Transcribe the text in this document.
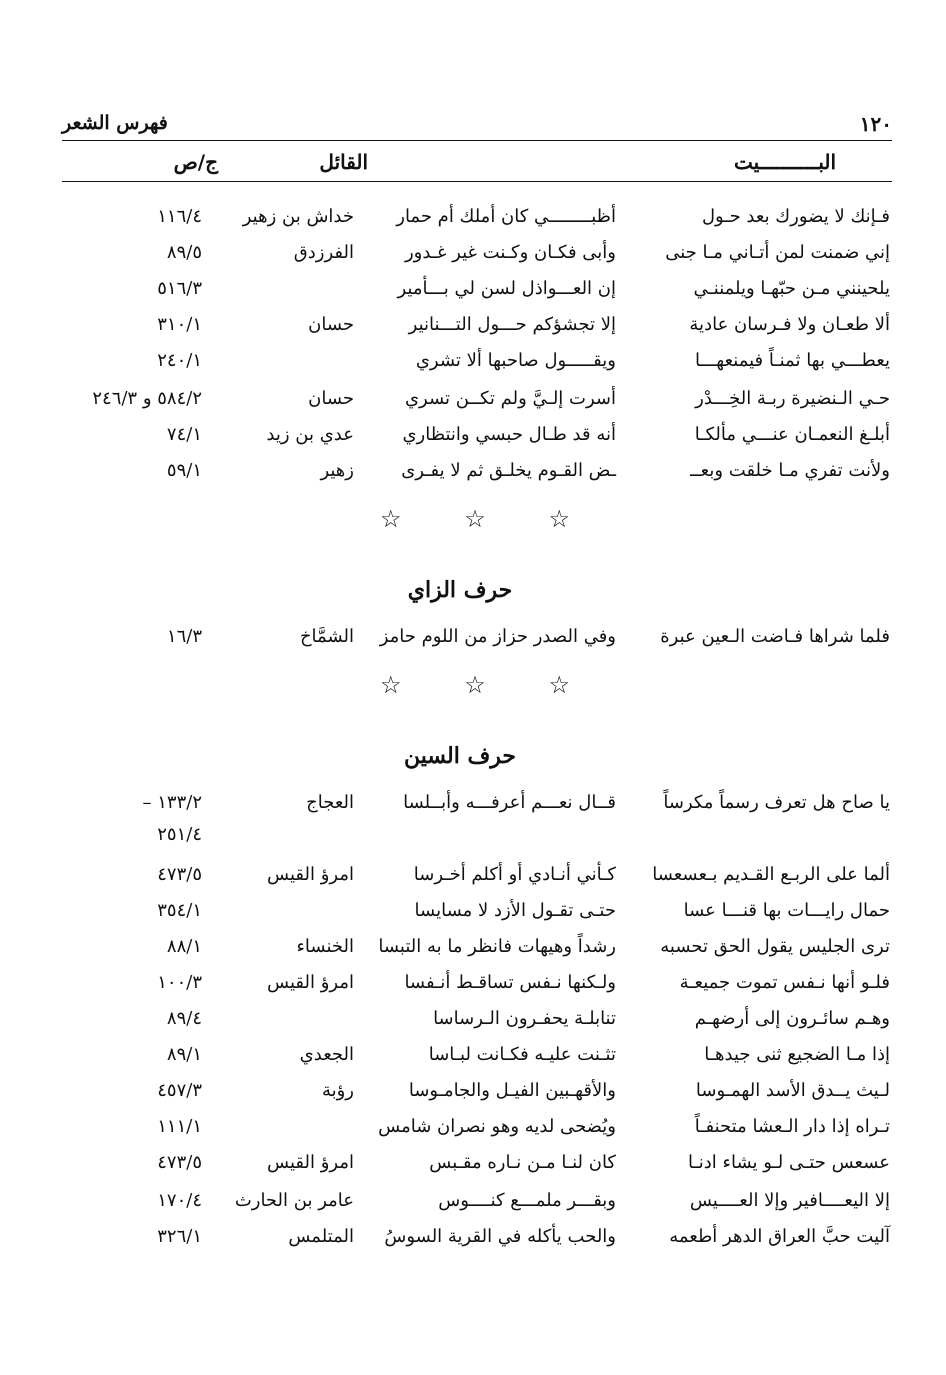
١٢٠
فهرس الشعر
البــــــــــيت
القائل
ج/ص
فـإنك لا يضورك بعد حـول
أظبــــــــي كان أملك أم حمار
خداش بن زهير
١١٦/٤
إني ضمنت لمن أتـاني مـا جنى
وأبى فكـان وكـنت غير غـدور
الفرزدق
٨٩/٥
يلحينني مـن حبّهـا ويلمننـي
إن العـــواذل لسن لي بـــأمير
٥١٦/٣
ألا طعـان ولا فـرسان عادية
إلا تجشؤكم حـــول التـــنانير
حسان
٣١٠/١
يعطـــي بها ثمنـاً فيمنعهـــا
ويقـــــول صاحبها ألا تشري
٢٤٠/١
حـي الـنضيرة ربـة الخِـــدْر
أسرت إلـيَّ ولم تكــن تسري
حسان
٥٨٤/٢ و ٢٤٦/٣
أبلـغ النعمـان عنـــي مألكـا
أنه قد طـال حبسي وانتظاري
عدي بن زيد
٧٤/١
ولأنت تفري مـا خلقت وبعــ
ـض القـوم يخلـق ثم لا يفـرى
زهير
٥٩/١
☆
☆
☆
حرف الزاي
فلما شراها فـاضت الـعين عبرة
وفي الصدر حزاز من اللوم حامز
الشمَّاخ
١٦/٣
☆
☆
☆
حرف السين
يا صاح هل تعرف رسماً مكرساً
قــال نعـــم أعرفـــه وأبــلسا
العجاج
١٣٣/٢ –
٢٥١/٤
ألما على الربـع القـديم بـعسعسا
كـأني أنـادي أو أكلم أخـرسا
امرؤ القيس
٤٧٣/٥
حمال رايـــات بها قنـــا عسا
حتـى تقـول الأزد لا مسايسا
٣٥٤/١
ترى الجليس يقول الحق تحسبه
رشداً وهيهات فانظر ما به التبسا
الخنساء
٨٨/١
فلـو أنها نـفس تموت جميعـة
ولـكنها نـفس تساقـط أنـفسا
امرؤ القيس
١٠٠/٣
وهـم سائـرون إلى أرضهـم
تنابلـة يحفـرون الـرساسا
٨٩/٤
إذا مـا الضجيع ثنى جيدهـا
تثـنت عليـه فكـانت لبـاسا
الجعدي
٨٩/١
لـيث يــدق الأسد الهمـوسا
والأقهـبين الفيـل والجامـوسا
رؤبة
٤٥٧/٣
تـراه إذا دار الـعشا متحنفـاً
ويُضحى لديه وهو نصران شامس
١١١/١
عسعس حتـى لـو يشاء ادنـا
كان لنـا مـن نـاره مقـبس
امرؤ القيس
٤٧٣/٥
إلا اليعــــافير وإلا العــــيس
وبقـــر ملمـــع كنــــوس
عامر بن الحارث
١٧٠/٤
آليت حبَّ العراق الدهر أطعمه
والحب يأكله في القرية السوسُ
المتلمس
٣٢٦/١
